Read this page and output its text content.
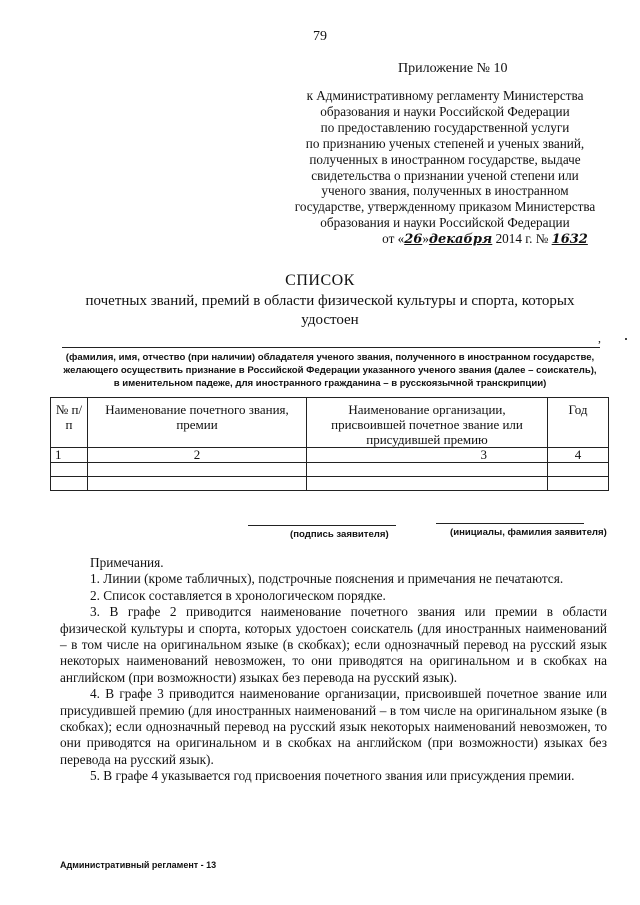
79
Приложение № 10
к Административному регламенту Министерства
образования и науки Российской Федерации
по предоставлению государственной услуги
по признанию ученых степеней и ученых званий,
полученных в иностранном государстве, выдаче
свидетельства о признании ученой степени или
ученого звания, полученных в иностранном
государстве, утвержденному приказом Министерства
образования и науки Российской Федерации
от «26»декабря 2014 г. № 1632
СПИСОК
почетных званий, премий в области физической культуры и спорта, которых удостоен
,
(фамилия, имя, отчество (при наличии) обладателя ученого звания, полученного в иностранном государстве,
желающего осуществить признание в Российской Федерации указанного ученого звания (далее – соискатель),
в именительном падеже, для иностранного гражданина – в русскоязычной транскрипции)
№ п/п	Наименование почетного звания, премии	Наименование организации, присвоившей почетное звание или присудившей премию	Год
1	2	3	4

(подпись заявителя)	(инициалы, фамилия заявителя)

Примечания.

1. Линии (кроме табличных), подстрочные пояснения и примечания не печатаются.

2. Список составляется в хронологическом порядке.

3. В графе 2 приводится наименование почетного звания или премии в области физической культуры и спорта, которых удостоен соискатель (для иностранных наименований – в том числе на оригинальном языке (в скобках); если однозначный перевод на русский язык некоторых наименований невозможен, то они приводятся на оригинальном и в скобках на английском (при возможности) языках без перевода на русский язык).

4. В графе 3 приводится наименование организации, присвоившей почетное звание или присудившей премию (для иностранных наименований – в том числе на оригинальном языке (в скобках); если однозначный перевод на русский язык некоторых наименований невозможен, то они приводятся на оригинальном и в скобках на английском (при возможности) языках без перевода на русский язык).

5. В графе 4 указывается год присвоения почетного звания или присуждения премии.

Административный регламент - 13
